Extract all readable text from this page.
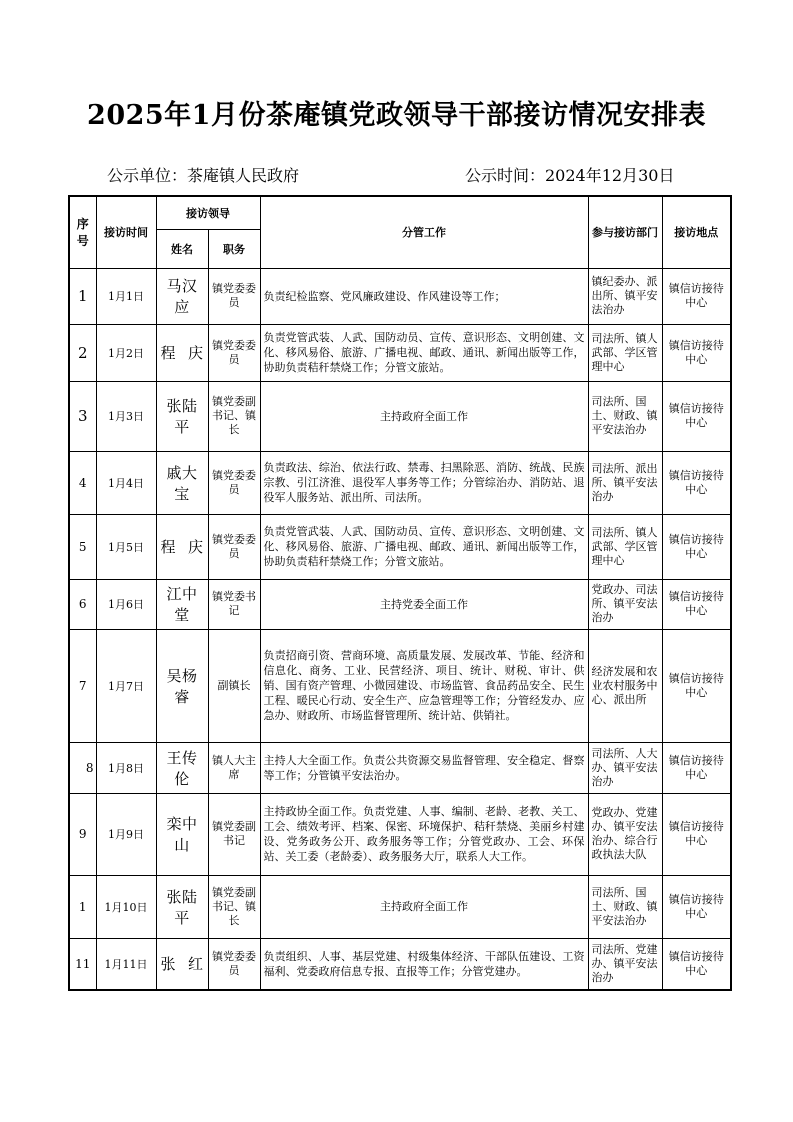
2025年1月份茶庵镇党政领导干部接访情况安排表
公示单位：茶庵镇人民政府	公示时间：2024年12月30日
序号	接访时间	接访领导		分管工作	参与接访部门	接访地点
		姓名	职务			
1	1月1日	马汉应	镇党委委员	负责纪检监察、党风廉政建设、作风建设等工作；	镇纪委办、派出所、镇平安法治办	镇信访接待中心
2	1月2日	程庆	镇党委委员	负责党管武装、人武、国防动员、宣传、意识形态、文明创建、文化、移风易俗、旅游、广播电视、邮政、通讯、新闻出版等工作，协助负责秸秆禁烧工作；分管文旅站。	司法所、镇人武部、学区管理中心	镇信访接待中心
3	1月3日	张陆平	镇党委副书记、镇长	主持政府全面工作	司法所、国土、财政、镇平安法治办	镇信访接待中心
4	1月4日	戚大宝	镇党委委员	负责政法、综治、依法行政、禁毒、扫黑除恶、消防、统战、民族宗教、引江济淮、退役军人事务等工作；分管综治办、消防站、退役军人服务站、派出所、司法所。	司法所、派出所、镇平安法治办	镇信访接待中心
5	1月5日	程庆	镇党委委员	负责党管武装、人武、国防动员、宣传、意识形态、文明创建、文化、移风易俗、旅游、广播电视、邮政、通讯、新闻出版等工作，协助负责秸秆禁烧工作；分管文旅站。	司法所、镇人武部、学区管理中心	镇信访接待中心
6	1月6日	江中堂	镇党委书记	主持党委全面工作	党政办、司法所、镇平安法治办	镇信访接待中心
7	1月7日	吴杨睿	副镇长	负责招商引资、营商环境、高质量发展、发展改革、节能、经济和信息化、商务、工业、民营经济、项目、统计、财税、审计、供销、国有资产管理、小微园建设、市场监管、食品药品安全、民生工程、暖民心行动、安全生产、应急管理等工作；分管经发办、应急办、财政所、市场监督管理所、统计站、供销社。	经济发展和农业农村服务中心、派出所	镇信访接待中心
8	1月8日	王传伦	镇人大主席	主持人大全面工作。负责公共资源交易监督管理、安全稳定、督察等工作；分管镇平安法治办。	司法所、人大办、镇平安法治办	镇信访接待中心
9	1月9日	栾中山	镇党委副书记	主持政协全面工作。负责党建、人事、编制、老龄、老教、关工、工会、绩效考评、档案、保密、环境保护、秸秆禁烧、美丽乡村建设、党务政务公开、政务服务等工作；分管党政办、工会、环保站、关工委（老龄委）、政务服务大厅，联系人大工作。	党政办、党建办、镇平安法治办、综合行政执法大队	镇信访接待中心
1	1月10日	张陆平	镇党委副书记、镇长	主持政府全面工作	司法所、国土、财政、镇平安法治办	镇信访接待中心
11	1月11日	张红	镇党委委员	负责组织、人事、基层党建、村级集体经济、干部队伍建设、工资福利、党委政府信息专报、直报等工作；分管党建办。	司法所、党建办、镇平安法治办	镇信访接待中心
